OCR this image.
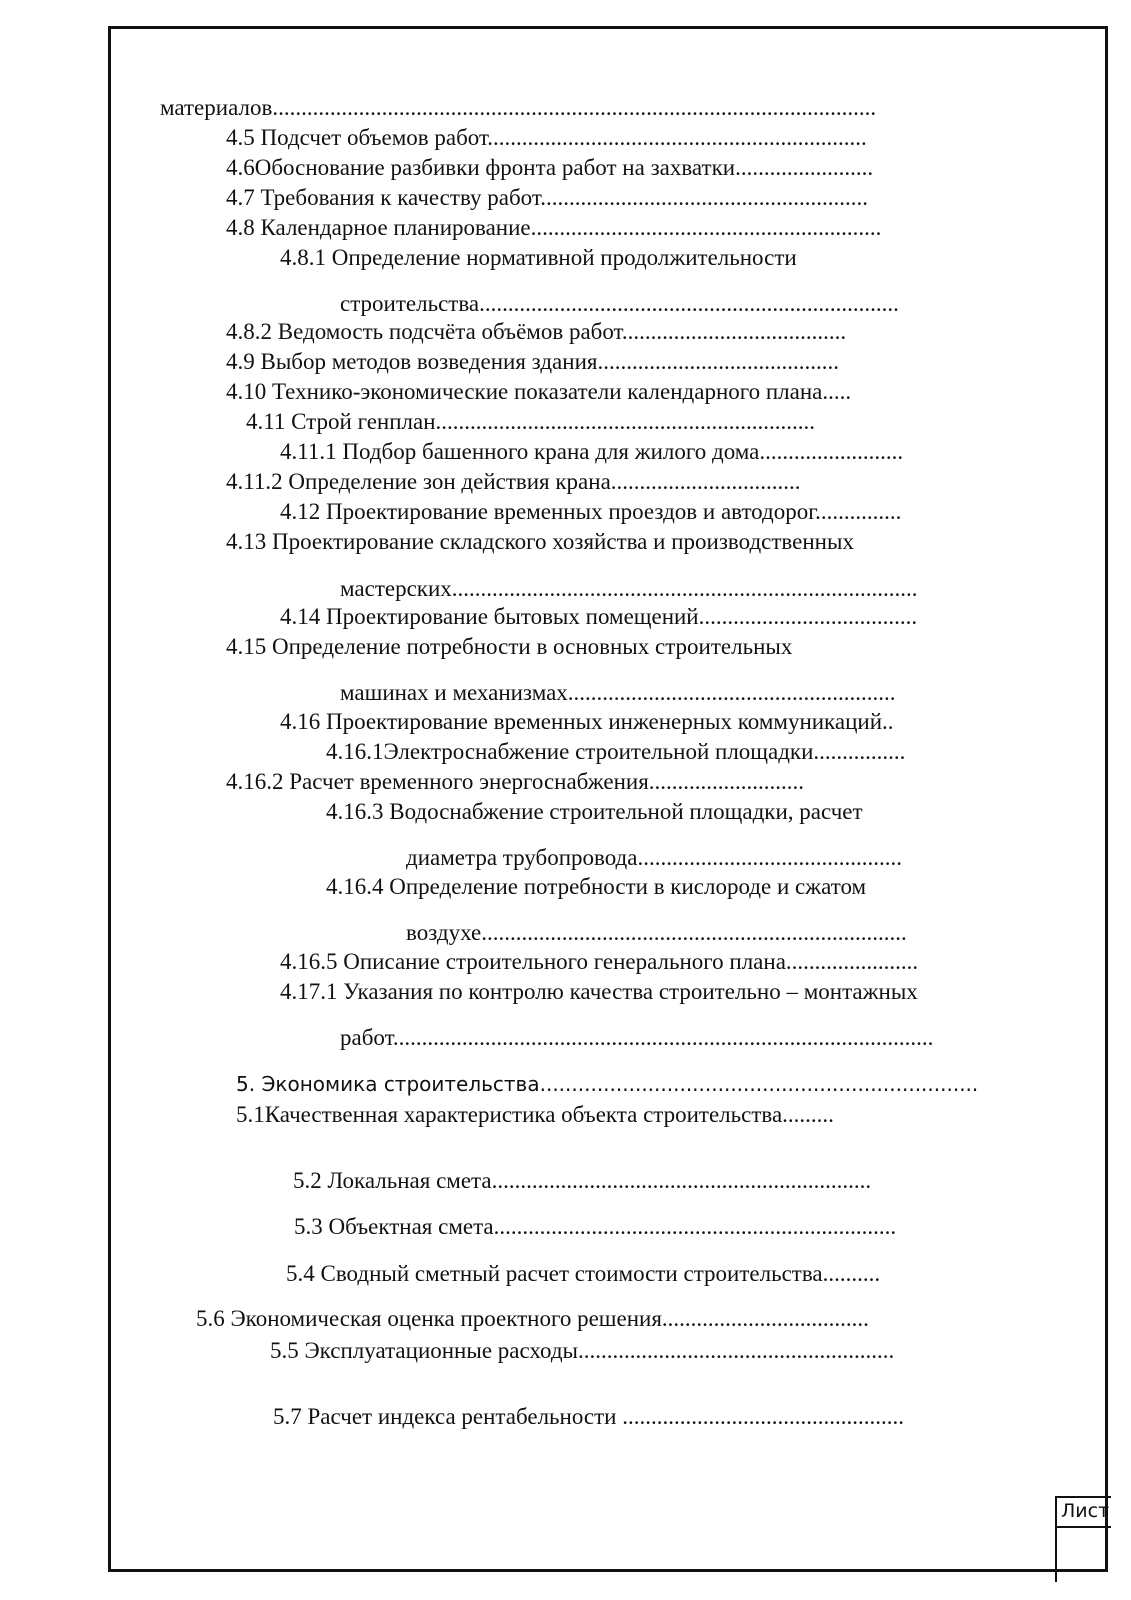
материалов.........................................................................................................

4.5 Подсчет объемов работ..................................................................

4.6Обоснование разбивки фронта работ на захватки........................

4.7 Требования к качеству работ.........................................................

4.8 Календарное планирование.............................................................

4.8.1 Определение нормативной продолжительности

строительства.........................................................................

4.8.2 Ведомость подсчёта объёмов работ.......................................

4.9 Выбор методов возведения здания..........................................

4.10 Технико-экономические показатели календарного плана.....

4.11 Строй генплан..................................................................

4.11.1 Подбор башенного крана для жилого дома.........................

4.11.2 Определение зон действия крана.................................

4.12 Проектирование временных проездов и автодорог...............

4.13 Проектирование складского хозяйства и производственных

мастерских.................................................................................

4.14 Проектирование бытовых помещений......................................

4.15 Определение потребности в основных строительных

машинах и механизмах.........................................................

4.16 Проектирование временных инженерных коммуникаций..

4.16.1Электроснабжение строительной площадки................

4.16.2 Расчет временного энергоснабжения...........................

4.16.3 Водоснабжение строительной площадки, расчет

диаметра трубопровода..............................................

4.16.4 Определение потребности в кислороде и сжатом

воздухе..........................................................................

4.16.5 Описание строительного генерального плана.......................

4.17.1 Указания по контролю качества строительно – монтажных

работ..............................................................................................

5. Экономика строительства.....................................................................

5.1Качественная характеристика объекта строительства.........

5.2 Локальная смета..................................................................

5.3 Объектная смета......................................................................

5.4 Сводный сметный расчет стоимости строительства..........

5.6 Экономическая оценка проектного решения....................................

5.5 Эксплуатационные расходы.......................................................

5.7 Расчет индекса рентабельности .................................................

Лист
